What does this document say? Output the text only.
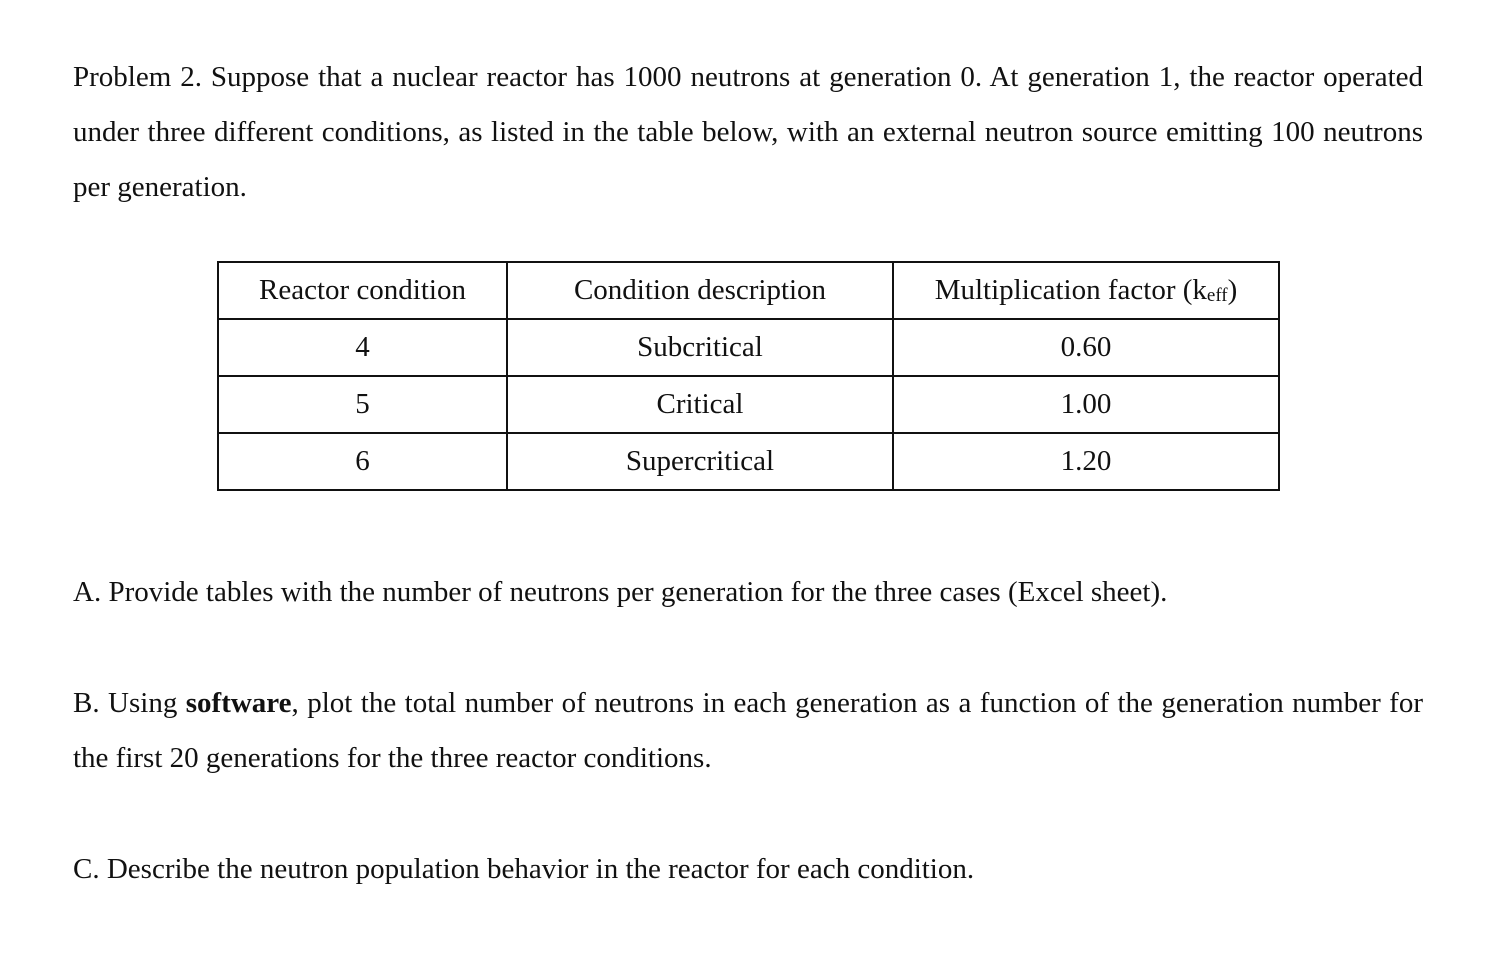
Problem 2. Suppose that a nuclear reactor has 1000 neutrons at generation 0. At generation 1, the reactor operated under three different conditions, as listed in the table below, with an external neutron source emitting 100 neutrons per generation.
Reactor condition	Condition description	Multiplication factor $(k_{eff})$
4	Subcritical	0.60
5	Critical	1.00
6	Supercritical	1.20
A. Provide tables with the number of neutrons per generation for the three cases (Excel sheet).
B. Using software, plot the total number of neutrons in each generation as a function of the generation number for the first 20 generations for the three reactor conditions.
C. Describe the neutron population behavior in the reactor for each condition.
